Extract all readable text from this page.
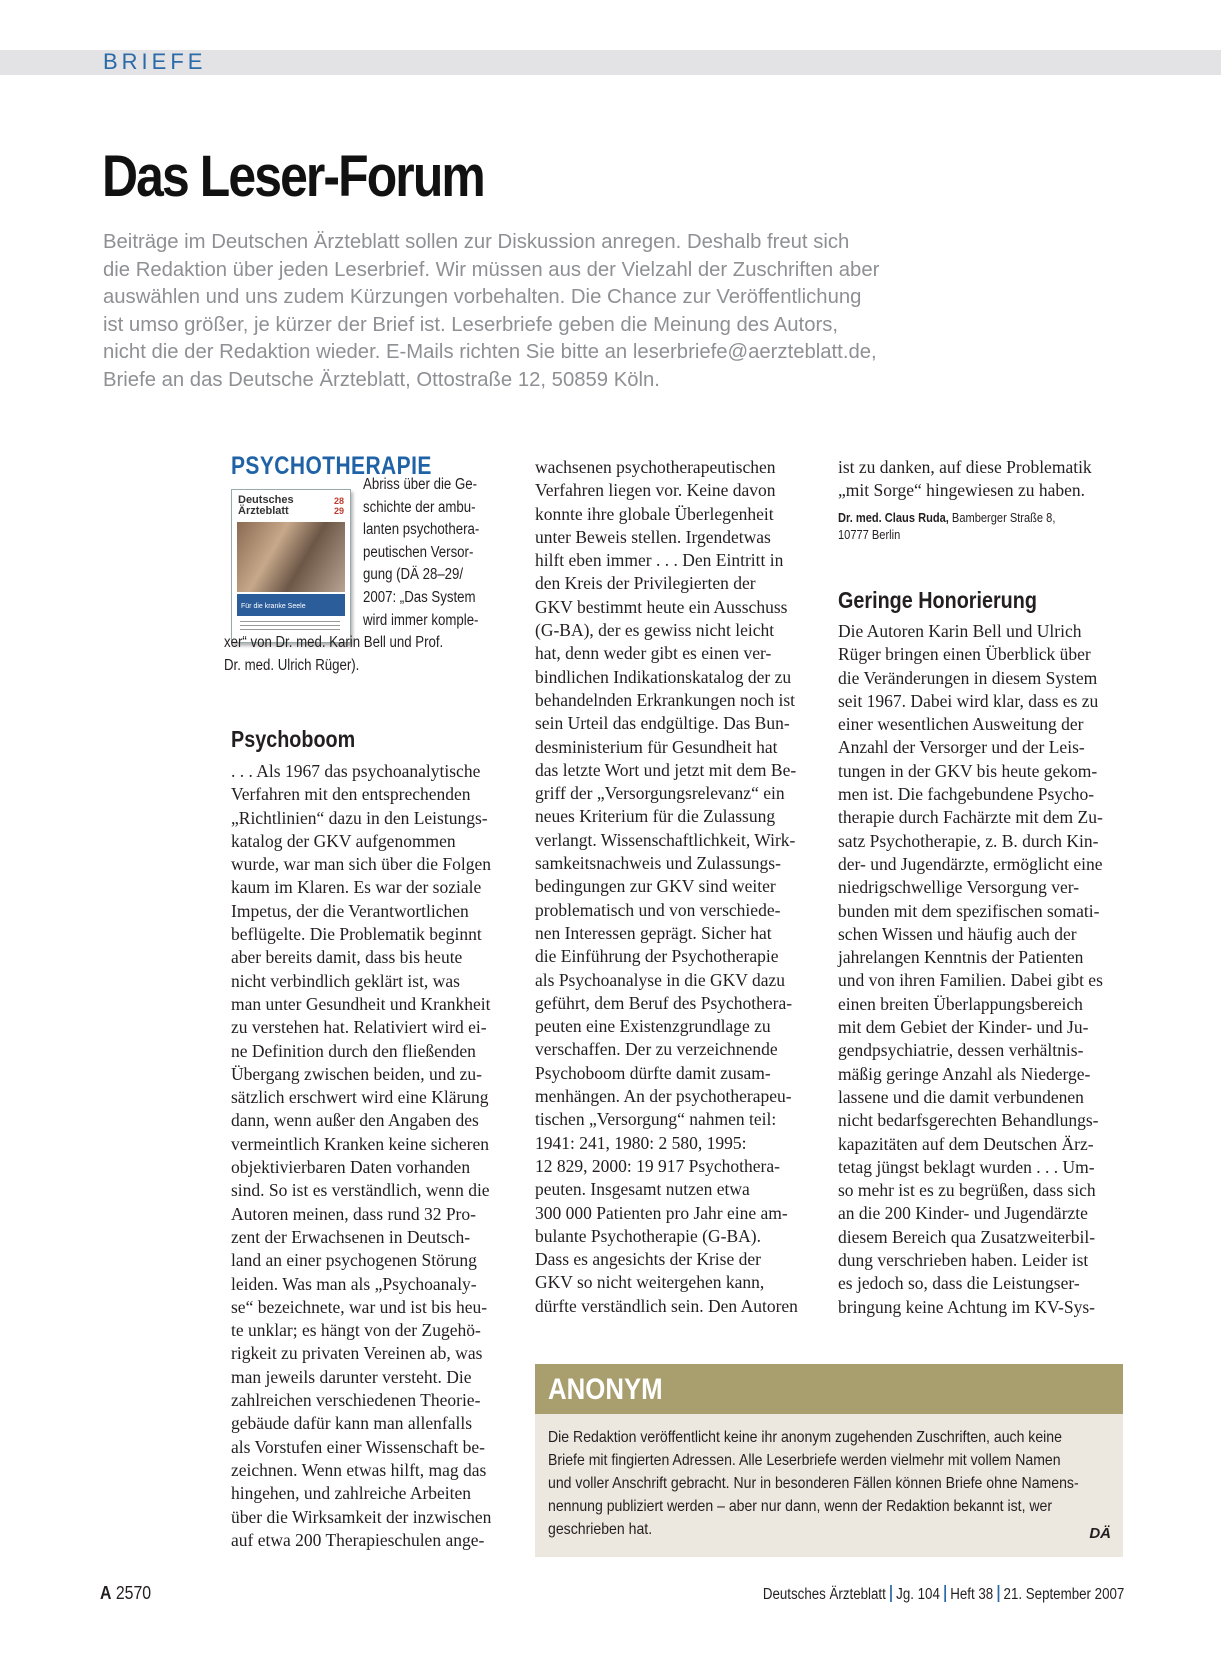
BRIEFE
Das Leser-Forum
Beiträge im Deutschen Ärzteblatt sollen zur Diskussion anregen. Deshalb freut sich
die Redaktion über jeden Leserbrief. Wir müssen aus der Vielzahl der Zuschriften aber
auswählen und uns zudem Kürzungen vorbehalten. Die Chance zur Veröffentlichung
ist umso größer, je kürzer der Brief ist. Leserbriefe geben die Meinung des Autors,
nicht die der Redaktion wieder. E-Mails richten Sie bitte an leserbriefe@aerzteblatt.de,
Briefe an das Deutsche Ärzteblatt, Ottostraße 12, 50859 Köln.
PSYCHOTHERAPIE
Deutsches
Ärzteblatt
28
29
Für die kranke Seele
Abriss über die Ge-
schichte der ambu-
lanten psychothera-
peutischen Versor-
gung (DÄ 28–29/
2007: „Das System
wird immer komple-
xer“ von Dr. med. Karin Bell und Prof.
Dr. med. Ulrich Rüger).
Psychoboom
. . . Als 1967 das psychoanalytische
Verfahren mit den entsprechenden
„Richtlinien“ dazu in den Leistungs-
katalog der GKV aufgenommen
wurde, war man sich über die Folgen
kaum im Klaren. Es war der soziale
Impetus, der die Verantwortlichen
beflügelte. Die Problematik beginnt
aber bereits damit, dass bis heute
nicht verbindlich geklärt ist, was
man unter Gesundheit und Krankheit
zu verstehen hat. Relativiert wird ei-
ne Definition durch den fließenden
Übergang zwischen beiden, und zu-
sätzlich erschwert wird eine Klärung
dann, wenn außer den Angaben des
vermeintlich Kranken keine sicheren
objektivierbaren Daten vorhanden
sind. So ist es verständlich, wenn die
Autoren meinen, dass rund 32 Pro-
zent der Erwachsenen in Deutsch-
land an einer psychogenen Störung
leiden. Was man als „Psychoanaly-
se“ bezeichnete, war und ist bis heu-
te unklar; es hängt von der Zugehö-
rigkeit zu privaten Vereinen ab, was
man jeweils darunter versteht. Die
zahlreichen verschiedenen Theorie-
gebäude dafür kann man allenfalls
als Vorstufen einer Wissenschaft be-
zeichnen. Wenn etwas hilft, mag das
hingehen, und zahlreiche Arbeiten
über die Wirksamkeit der inzwischen
auf etwa 200 Therapieschulen ange-
wachsenen psychotherapeutischen
Verfahren liegen vor. Keine davon
konnte ihre globale Überlegenheit
unter Beweis stellen. Irgendetwas
hilft eben immer . . . Den Eintritt in
den Kreis der Privilegierten der
GKV bestimmt heute ein Ausschuss
(G-BA), der es gewiss nicht leicht
hat, denn weder gibt es einen ver-
bindlichen Indikationskatalog der zu
behandelnden Erkrankungen noch ist
sein Urteil das endgültige. Das Bun-
desministerium für Gesundheit hat
das letzte Wort und jetzt mit dem Be-
griff der „Versorgungsrelevanz“ ein
neues Kriterium für die Zulassung
verlangt. Wissenschaftlichkeit, Wirk-
samkeitsnachweis und Zulassungs-
bedingungen zur GKV sind weiter
problematisch und von verschiede-
nen Interessen geprägt. Sicher hat
die Einführung der Psychotherapie
als Psychoanalyse in die GKV dazu
geführt, dem Beruf des Psychothera-
peuten eine Existenzgrundlage zu
verschaffen. Der zu verzeichnende
Psychoboom dürfte damit zusam-
menhängen. An der psychotherapeu-
tischen „Versorgung“ nahmen teil:
1941: 241, 1980: 2 580, 1995:
12 829, 2000: 19 917 Psychothera-
peuten. Insgesamt nutzen etwa
300 000 Patienten pro Jahr eine am-
bulante Psychotherapie (G-BA).
Dass es angesichts der Krise der
GKV so nicht weitergehen kann,
dürfte verständlich sein. Den Autoren
ist zu danken, auf diese Problematik
„mit Sorge“ hingewiesen zu haben.
Dr. med. Claus Ruda, Bamberger Straße 8,
10777 Berlin
Geringe Honorierung
Die Autoren Karin Bell und Ulrich
Rüger bringen einen Überblick über
die Veränderungen in diesem System
seit 1967. Dabei wird klar, dass es zu
einer wesentlichen Ausweitung der
Anzahl der Versorger und der Leis-
tungen in der GKV bis heute gekom-
men ist. Die fachgebundene Psycho-
therapie durch Fachärzte mit dem Zu-
satz Psychotherapie, z. B. durch Kin-
der- und Jugendärzte, ermöglicht eine
niedrigschwellige Versorgung ver-
bunden mit dem spezifischen somati-
schen Wissen und häufig auch der
jahrelangen Kenntnis der Patienten
und von ihren Familien. Dabei gibt es
einen breiten Überlappungsbereich
mit dem Gebiet der Kinder- und Ju-
gendpsychiatrie, dessen verhältnis-
mäßig geringe Anzahl als Niederge-
lassene und die damit verbundenen
nicht bedarfsgerechten Behandlungs-
kapazitäten auf dem Deutschen Ärz-
tetag jüngst beklagt wurden . . . Um-
so mehr ist es zu begrüßen, dass sich
an die 200 Kinder- und Jugendärzte
diesem Bereich qua Zusatzweiterbil-
dung verschrieben haben. Leider ist
es jedoch so, dass die Leistungser-
bringung keine Achtung im KV-Sys-
ANONYM
Die Redaktion veröffentlicht keine ihr anonym zugehenden Zuschriften, auch keine
Briefe mit fingierten Adressen. Alle Leserbriefe werden vielmehr mit vollem Namen
und voller Anschrift gebracht. Nur in besonderen Fällen können Briefe ohne Namens-
nennung publiziert werden – aber nur dann, wenn der Redaktion bekannt ist, wer
geschrieben hat.	DÄ
A 2570	Deutsches Ärzteblatt Jg. 104 Heft 38 21. September 2007
